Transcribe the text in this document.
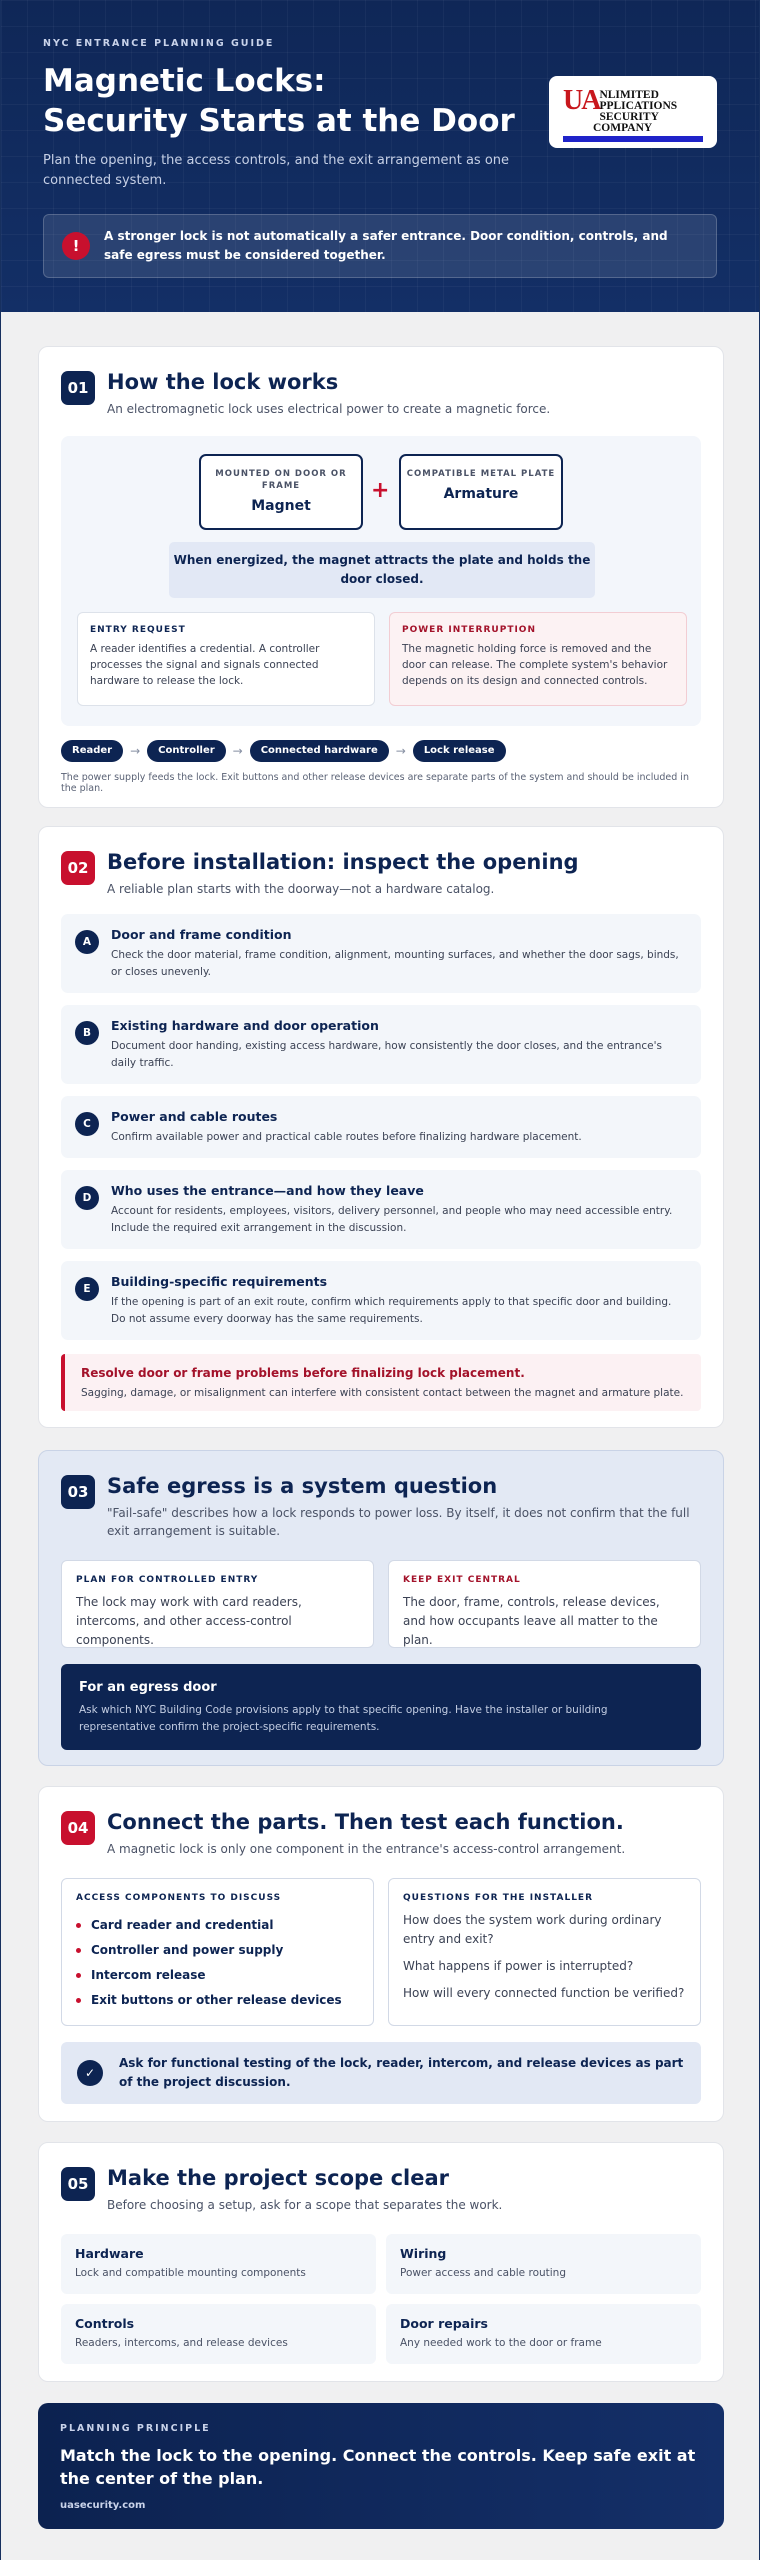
NYC ENTRANCE PLANNING GUIDE
Magnetic Locks:
Security Starts at the Door

Plan the opening, the access controls, and the exit arrangement as one connected system.

UA NLIMITED
PPLICATIONS
SECURITY COMPANY
!
A stronger lock is not automatically a safer entrance. Door condition, controls, and safe egress must be considered together.
01 How the lock works
An electromagnetic lock uses electrical power to create a magnetic force.
MOUNTED ON DOOR OR FRAME
Magnet
+
COMPATIBLE METAL PLATE
Armature
When energized, the magnet attracts the plate and holds the door closed.
ENTRY REQUEST
A reader identifies a credential. A controller processes the signal and signals connected hardware to release the lock.
POWER INTERRUPTION
The magnetic holding force is removed and the door can release. The complete system's behavior depends on its design and connected controls.
Reader	→	Controller	→	Connected hardware	→	Lock release
The power supply feeds the lock. Exit buttons and other release devices are separate parts of the system and should be included in the plan.
02 Before installation: inspect the opening
A reliable plan starts with the doorway—not a hardware catalog.
A	Door and frame condition
Check the door material, frame condition, alignment, mounting surfaces, and whether the door sags, binds, or closes unevenly.
B	Existing hardware and door operation
Document door handing, existing access hardware, how consistently the door closes, and the entrance's daily traffic.
C	Power and cable routes
Confirm available power and practical cable routes before finalizing hardware placement.
D	Who uses the entrance—and how they leave
Account for residents, employees, visitors, delivery personnel, and people who may need accessible entry. Include the required exit arrangement in the discussion.
E	Building-specific requirements
If the opening is part of an exit route, confirm which requirements apply to that specific door and building. Do not assume every doorway has the same requirements.
Resolve door or frame problems before finalizing lock placement.
Sagging, damage, or misalignment can interfere with consistent contact between the magnet and armature plate.
03 Safe egress is a system question
"Fail-safe" describes how a lock responds to power loss. By itself, it does not confirm that the full exit arrangement is suitable.
PLAN FOR CONTROLLED ENTRY
The lock may work with card readers, intercoms, and other access-control components.
KEEP EXIT CENTRAL
The door, frame, controls, release devices, and how occupants leave all matter to the plan.
For an egress door
Ask which NYC Building Code provisions apply to that specific opening. Have the installer or building representative confirm the project-specific requirements.
04 Connect the parts. Then test each function.
A magnetic lock is only one component in the entrance's access-control arrangement.
ACCESS COMPONENTS TO DISCUSS
Card reader and credential
Controller and power supply
Intercom release
Exit buttons or other release devices
QUESTIONS FOR THE INSTALLER
How does the system work during ordinary entry and exit?
What happens if power is interrupted?
How will every connected function be verified?
✓
Ask for functional testing of the lock, reader, intercom, and release devices as part of the project discussion.
05 Make the project scope clear
Before choosing a setup, ask for a scope that separates the work.
Hardware
Lock and compatible mounting components
Wiring
Power access and cable routing
Controls
Readers, intercoms, and release devices
Door repairs
Any needed work to the door or frame
PLANNING PRINCIPLE
Match the lock to the opening. Connect the controls. Keep safe exit at the center of the plan.
uasecurity.com
